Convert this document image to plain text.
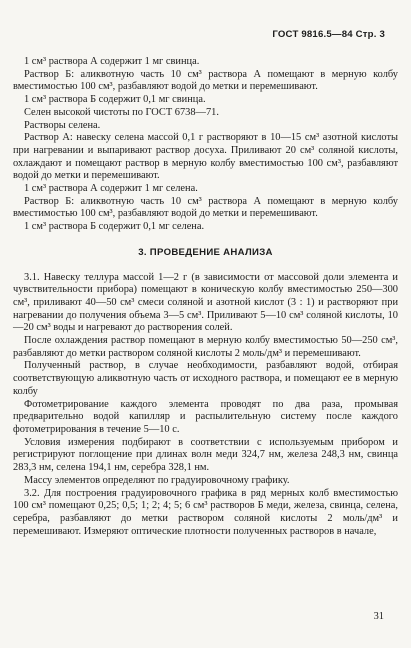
ГОСТ 9816.5—84 Стр. 3

1 см³ раствора А содержит 1 мг свинца.

Раствор Б: аликвотную часть 10 см³ раствора А помещают в мерную колбу вместимостью 100 см³, разбавляют водой до метки и перемешивают.

1 см³ раствора Б содержит 0,1 мг свинца.

Селен высокой чистоты по ГОСТ 6738—71.

Растворы селена.

Раствор А: навеску селена массой 0,1 г растворяют в 10—15 см³ азотной кислоты при нагревании и выпаривают раствор досуха. Приливают 20 см³ соляной кислоты, охлаждают и помещают раствор в мерную колбу вместимостью 100 см³, разбавляют водой до метки и перемешивают.

1 см³ раствора А содержит 1 мг селена.

Раствор Б: аликвотную часть 10 см³ раствора А помещают в мерную колбу вместимостью 100 см³, разбавляют водой до метки и перемешивают.

1 см³ раствора Б содержит 0,1 мг селена.

3. ПРОВЕДЕНИЕ АНАЛИЗА

3.1. Навеску теллура массой 1—2 г (в зависимости от массовой доли элемента и чувствительности прибора) помещают в коническую колбу вместимостью 250—300 см³, приливают 40—50 см³ смеси соляной и азотной кислот (3 : 1) и растворяют при нагревании до получения объема 3—5 см³. Приливают 5—10 см³ соляной кислоты, 10—20 см³ воды и нагревают до растворения солей.

После охлаждения раствор помещают в мерную колбу вместимостью 50—250 см³, разбавляют до метки раствором соляной кислоты 2 моль/дм³ и перемешивают.

Полученный раствор, в случае необходимости, разбавляют водой, отбирая соответствующую аликвотную часть от исходного раствора, и помещают ее в мерную колбу

Фотометрирование каждого элемента проводят по два раза, промывая предварительно водой капилляр и распылительную систему после каждого фотометрирования в течение 5—10 с.

Условия измерения подбирают в соответствии с используемым прибором и регистрируют поглощение при длинах волн меди 324,7 нм, железа 248,3 нм, свинца 283,3 нм, селена 194,1 нм, серебра 328,1 нм.

Массу элементов определяют по градуировочному графику.

3.2. Для построения градуировочного графика в ряд мерных колб вместимостью 100 см³ помещают 0,25; 0,5; 1; 2; 4; 5; 6 см³ растворов Б меди, железа, свинца, селена, серебра, разбавляют до метки раствором соляной кислоты 2 моль/дм³ и перемешивают. Измеряют оптические плотности полученных растворов в начале,

31
